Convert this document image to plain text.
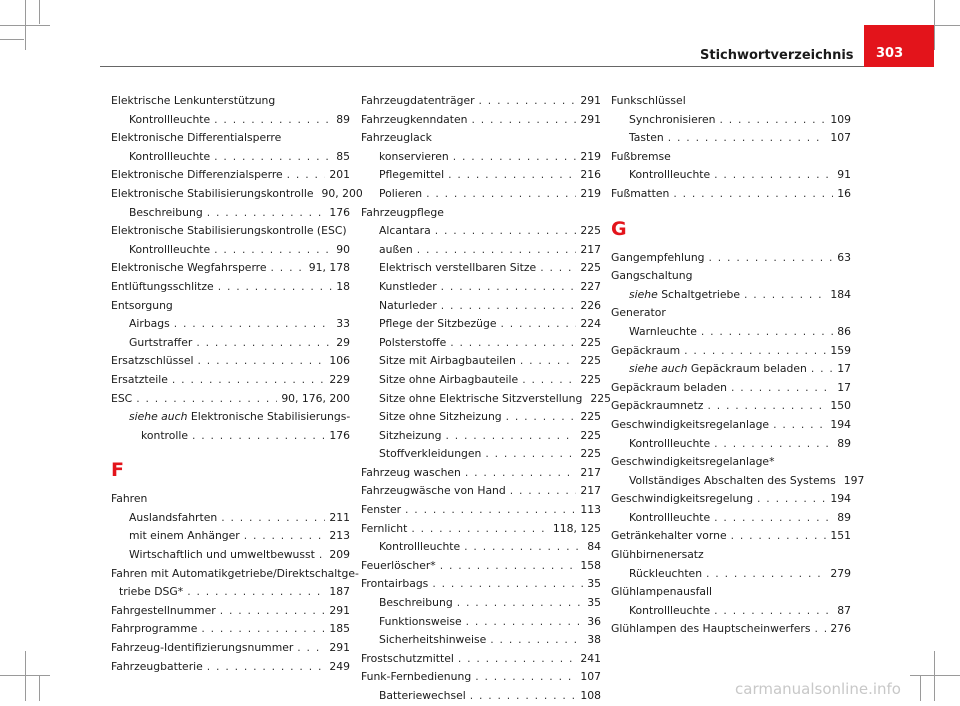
Stichwortverzeichnis 303
Elektrische Lenkunterstützung
Kontrollleuchte . . .	89
Elektronische Differentialsperre
Kontrollleuchte . . .	85
Elektronische Differenzialsperre . . .	201
Elektronische Stabilisierungskontrolle 90, 200
Beschreibung . . .	176
Elektronische Stabilisierungskontrolle (ESC)
Kontrollleuchte . . .	90
Elektronische Wegfahrsperre . . .	91, 178
Entlüftungsschlitze . . .	18
Entsorgung
Airbags . . .	33
Gurtstraffer . . .	29
Ersatzschlüssel . . .	106
Ersatzteile . . .	229
ESC . . .	90, 176, 200
siehe auch Elektronische Stabilisierungs-
kontrolle . . .	176
F
Fahren
Auslandsfahrten . . .	211
mit einem Anhänger . . .	213
Wirtschaftlich und umweltbewusst . . . 209
Fahren mit Automatikgetriebe/Direktschaltge-
triebe DSG* . . .	187
Fahrgestellnummer . . .	291
Fahrprogramme . . .	185
Fahrzeug-Identifizierungsnummer . . .	291
Fahrzeugbatterie . . .	249
Fahrzeugdatenträger . . .	291
Fahrzeugkenndaten . . .	291
Fahrzeuglack
konservieren . . .	219
Pflegemittel . . .	216
Polieren . . .	219
Fahrzeugpflege
Alcantara . . .	225
außen . . .	217
Elektrisch verstellbaren Sitze . . .	225
Kunstleder . . .	227
Naturleder . . .	226
Pflege der Sitzbezüge . . .	224
Polsterstoffe . . .	225
Sitze mit Airbagbauteilen . . .	225
Sitze ohne Airbagbauteile . . .	225
Sitze ohne Elektrische Sitzverstellung 225
Sitze ohne Sitzheizung . . .	225
Sitzheizung . . .	225
Stoffverkleidungen . . .	225
Fahrzeug waschen . . .	217
Fahrzeugwäsche von Hand . . .	217
Fenster . . .	113
Fernlicht . . .	118, 125
Kontrollleuchte . . .	84
Feuerlöscher* . . .	158
Frontairbags . . .	35
Beschreibung . . .	35
Funktionsweise . . .	36
Sicherheitshinweise . . .	38
Frostschutzmittel . . .	241
Funk-Fernbedienung . . .	107
Batteriewechsel . . .	108
Funkschlüssel
Synchronisieren . . .	109
Tasten . . .	107
Fußbremse
Kontrollleuchte . . .	91
Fußmatten . . .	16
G
Gangempfehlung . . .	63
Gangschaltung
siehe Schaltgetriebe . . .	184
Generator
Warnleuchte . . .	86
Gepäckraum . . .	159
siehe auch Gepäckraum beladen . . .	17
Gepäckraum beladen . . .	17
Gepäckraumnetz . . .	150
Geschwindigkeitsregelanlage . . .	194
Kontrollleuchte . . .	89
Geschwindigkeitsregelanlage*
Vollständiges Abschalten des Systems 197
Geschwindigkeitsregelung . . .	194
Kontrollleuchte . . .	89
Getränkehalter vorne . . .	151
Glühbirnenersatz
Rückleuchten . . .	279
Glühlampenausfall
Kontrollleuchte . . .	87
Glühlampen des Hauptscheinwerfers . . . 276
carmanualsonline.info
